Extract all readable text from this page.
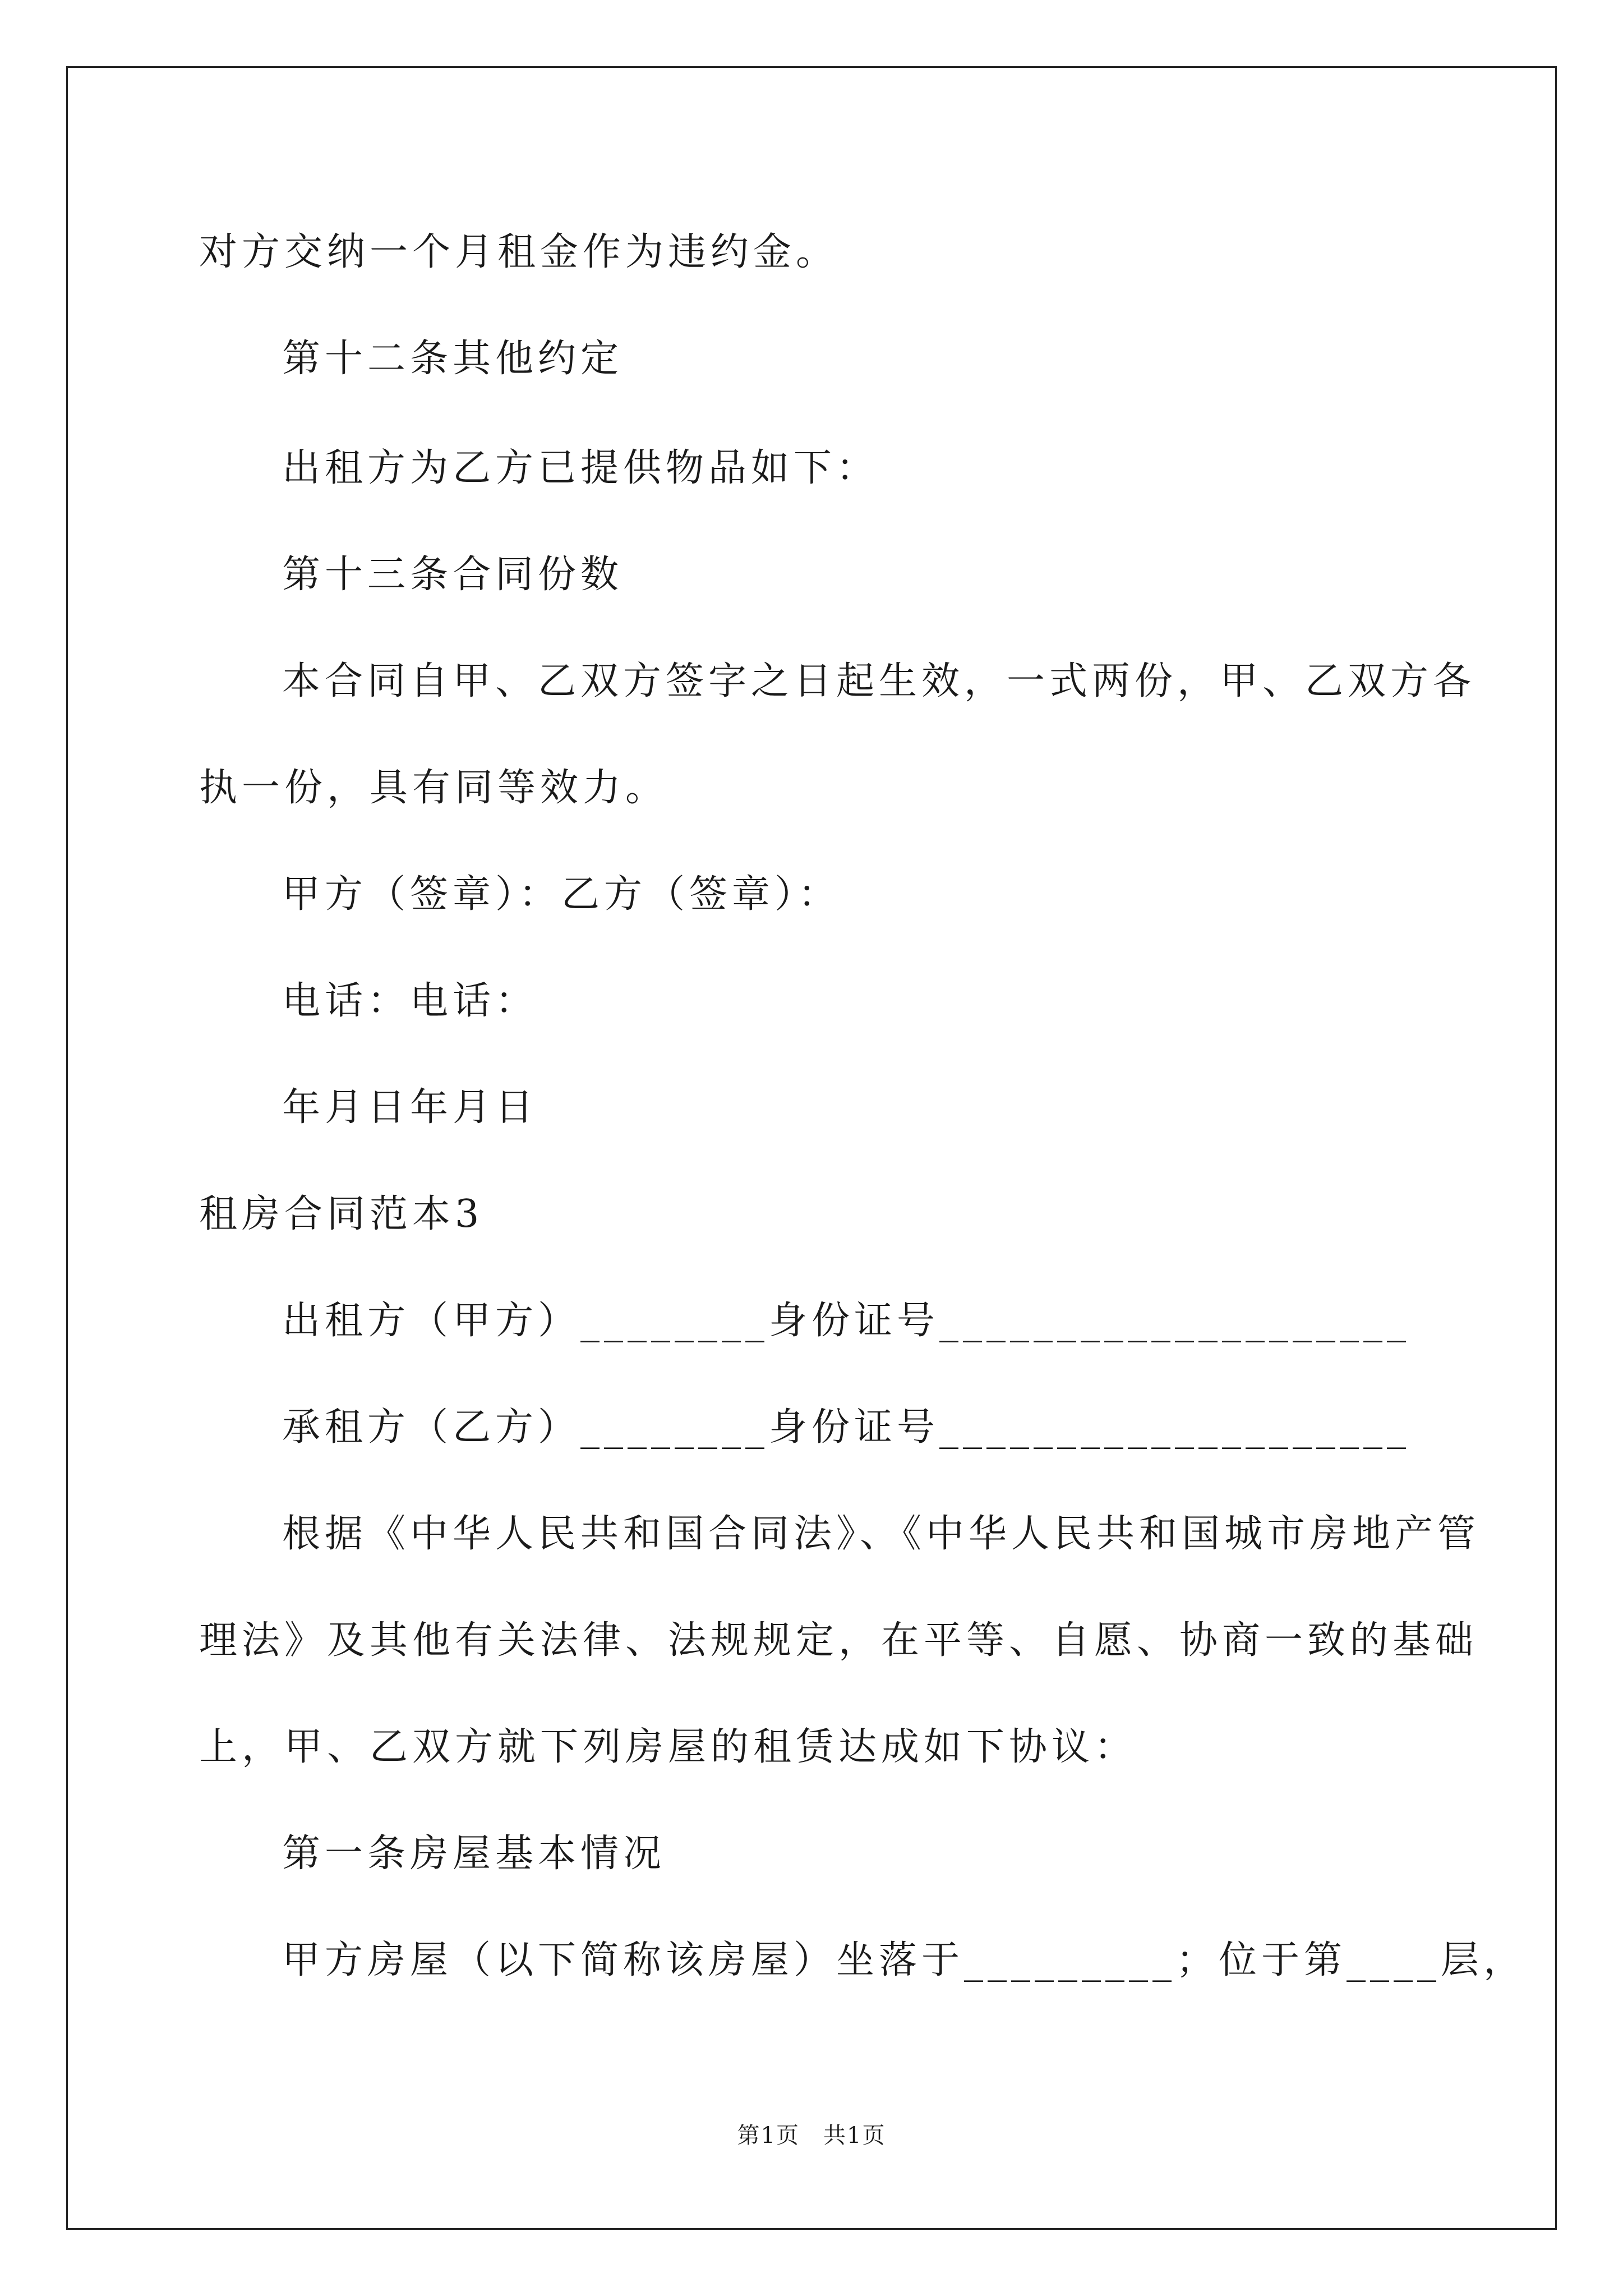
对方交纳一个月租金作为违约金。
第十二条其他约定
出租方为乙方已提供物品如下：
第十三条合同份数
本合同自甲、乙双方签字之日起生效，一式两份，甲、乙双方各
执一份，具有同等效力。
甲方（签章）：乙方（签章）：
电话：电话：
年月日年月日
租房合同范本3
出租方（甲方）________身份证号____________________
承租方（乙方）________身份证号____________________
根据《中华人民共和国合同法》、《中华人民共和国城市房地产管
理法》及其他有关法律、法规规定，在平等、自愿、协商一致的基础
上，甲、乙双方就下列房屋的租赁达成如下协议：
第一条房屋基本情况
甲方房屋（以下简称该房屋）坐落于_________；位于第____层，
第1页　共1页
